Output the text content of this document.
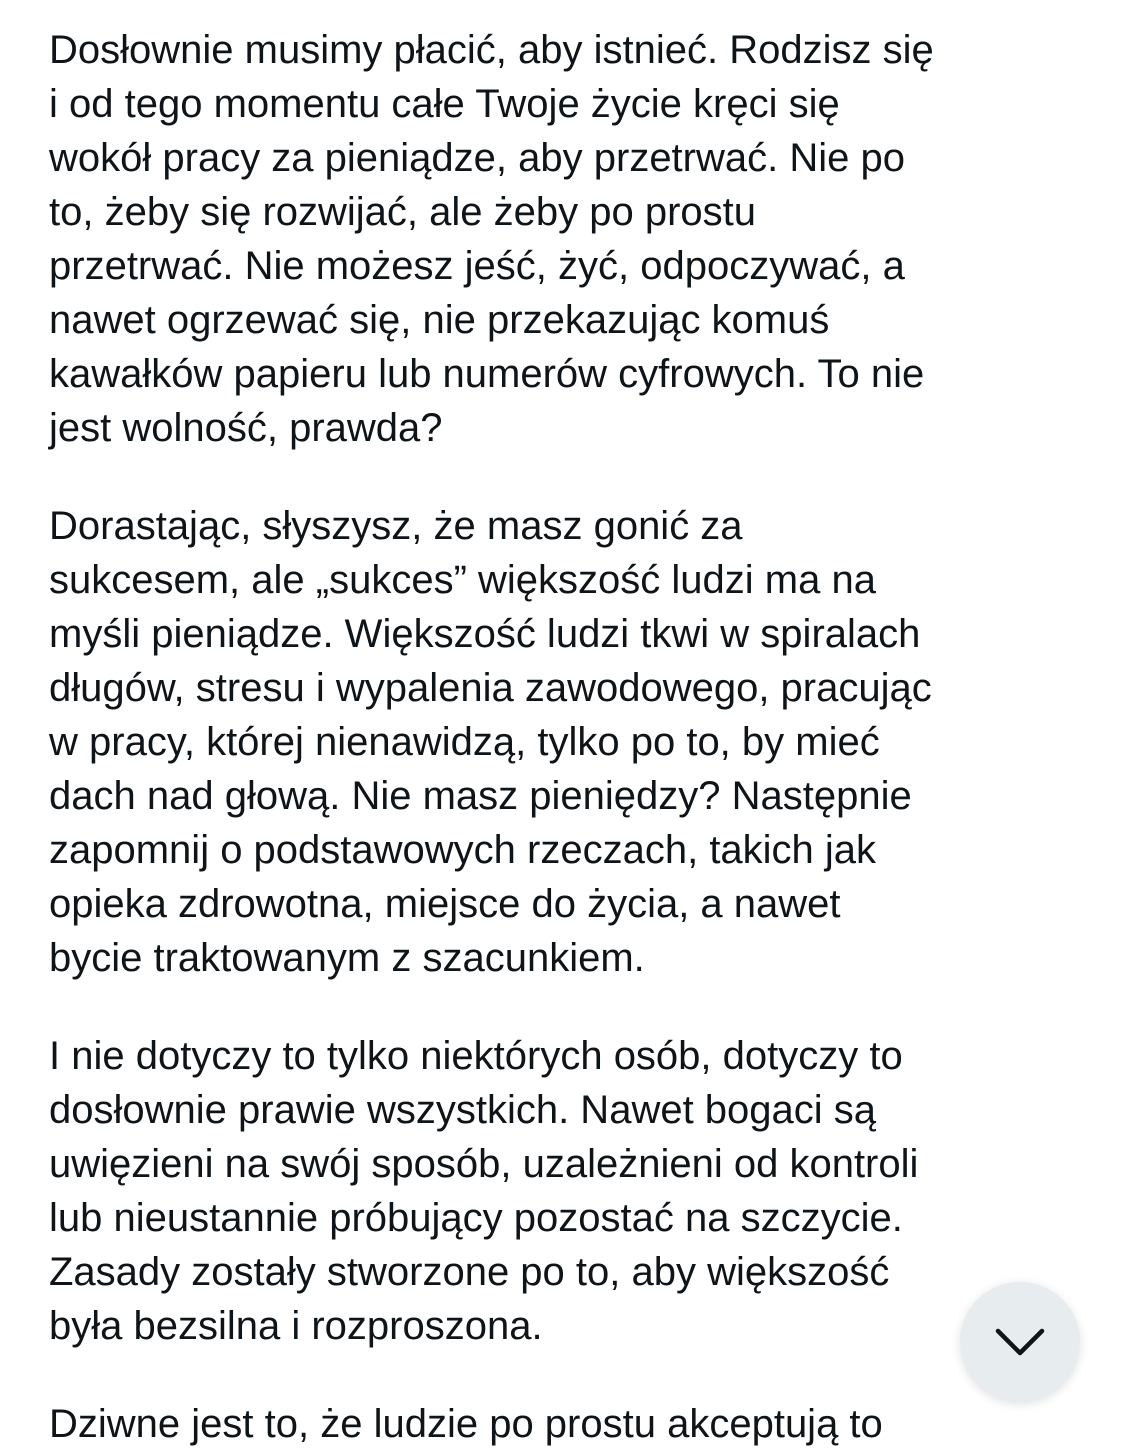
Dosłownie musimy płacić, aby istnieć. Rodzisz się
i od tego momentu całe Twoje życie kręci się
wokół pracy za pieniądze, aby przetrwać. Nie po
to, żeby się rozwijać, ale żeby po prostu
przetrwać. Nie możesz jeść, żyć, odpoczywać, a
nawet ogrzewać się, nie przekazując komuś
kawałków papieru lub numerów cyfrowych. To nie
jest wolność, prawda?

Dorastając, słyszysz, że masz gonić za
sukcesem, ale „sukces” większość ludzi ma na
myśli pieniądze. Większość ludzi tkwi w spiralach
długów, stresu i wypalenia zawodowego, pracując
w pracy, której nienawidzą, tylko po to, by mieć
dach nad głową. Nie masz pieniędzy? Następnie
zapomnij o podstawowych rzeczach, takich jak
opieka zdrowotna, miejsce do życia, a nawet
bycie traktowanym z szacunkiem.

I nie dotyczy to tylko niektórych osób, dotyczy to
dosłownie prawie wszystkich. Nawet bogaci są
uwięzieni na swój sposób, uzależnieni od kontroli
lub nieustannie próbujący pozostać na szczycie.
Zasady zostały stworzone po to, aby większość
była bezsilna i rozproszona.

Dziwne jest to, że ludzie po prostu akceptują to
